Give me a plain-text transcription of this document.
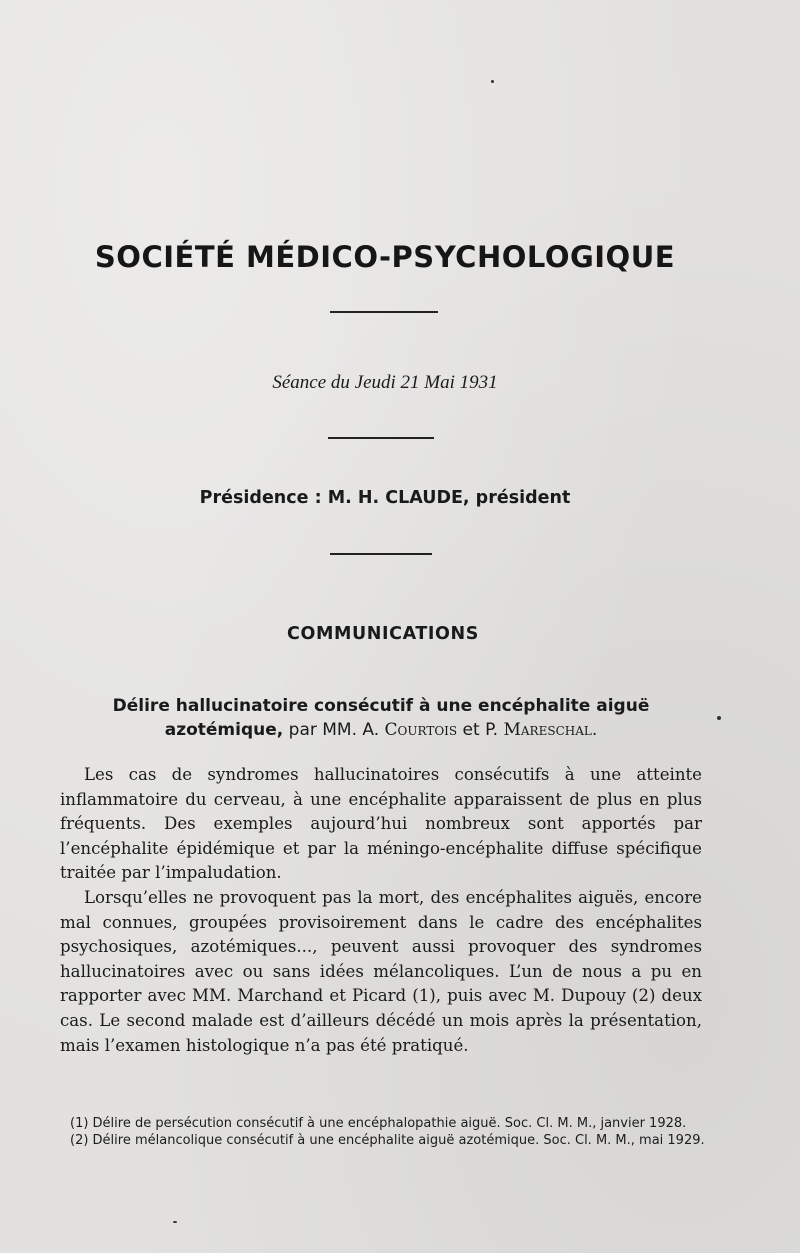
SOCIÉTÉ MÉDICO-PSYCHOLOGIQUE
Séance du Jeudi 21 Mai 1931
Présidence : M. H. CLAUDE, président
COMMUNICATIONS
Délire hallucinatoire consécutif à une encéphalite aiguë
azotémique, par MM. A. Courtois et P. Mareschal.

Les cas de syndromes hallucinatoires consécutifs à une atteinte inflammatoire du cerveau, à une encéphalite apparaissent de plus en plus fréquents. Des exemples aujourd’hui nombreux sont apportés par l’encéphalite épidémique et par la méningo-encéphalite diffuse spécifique traitée par l’impaludation.

Lorsqu’elles ne provoquent pas la mort, des encéphalites aiguës, encore mal connues, groupées provisoirement dans le cadre des encéphalites psychosiques, azotémiques..., peuvent aussi provoquer des syndromes hallucinatoires avec ou sans idées mélancoliques. L’un de nous a pu en rapporter avec MM. Marchand et Picard (1), puis avec M. Dupouy (2) deux cas. Le second malade est d’ailleurs décédé un mois après la présentation, mais l’examen histologique n’a pas été pratiqué.

(1) Délire de persécution consécutif à une encéphalopathie aiguë. Soc. Cl. M. M., janvier 1928.

(2) Délire mélancolique consécutif à une encéphalite aiguë azotémique. Soc. Cl. M. M., mai 1929.
